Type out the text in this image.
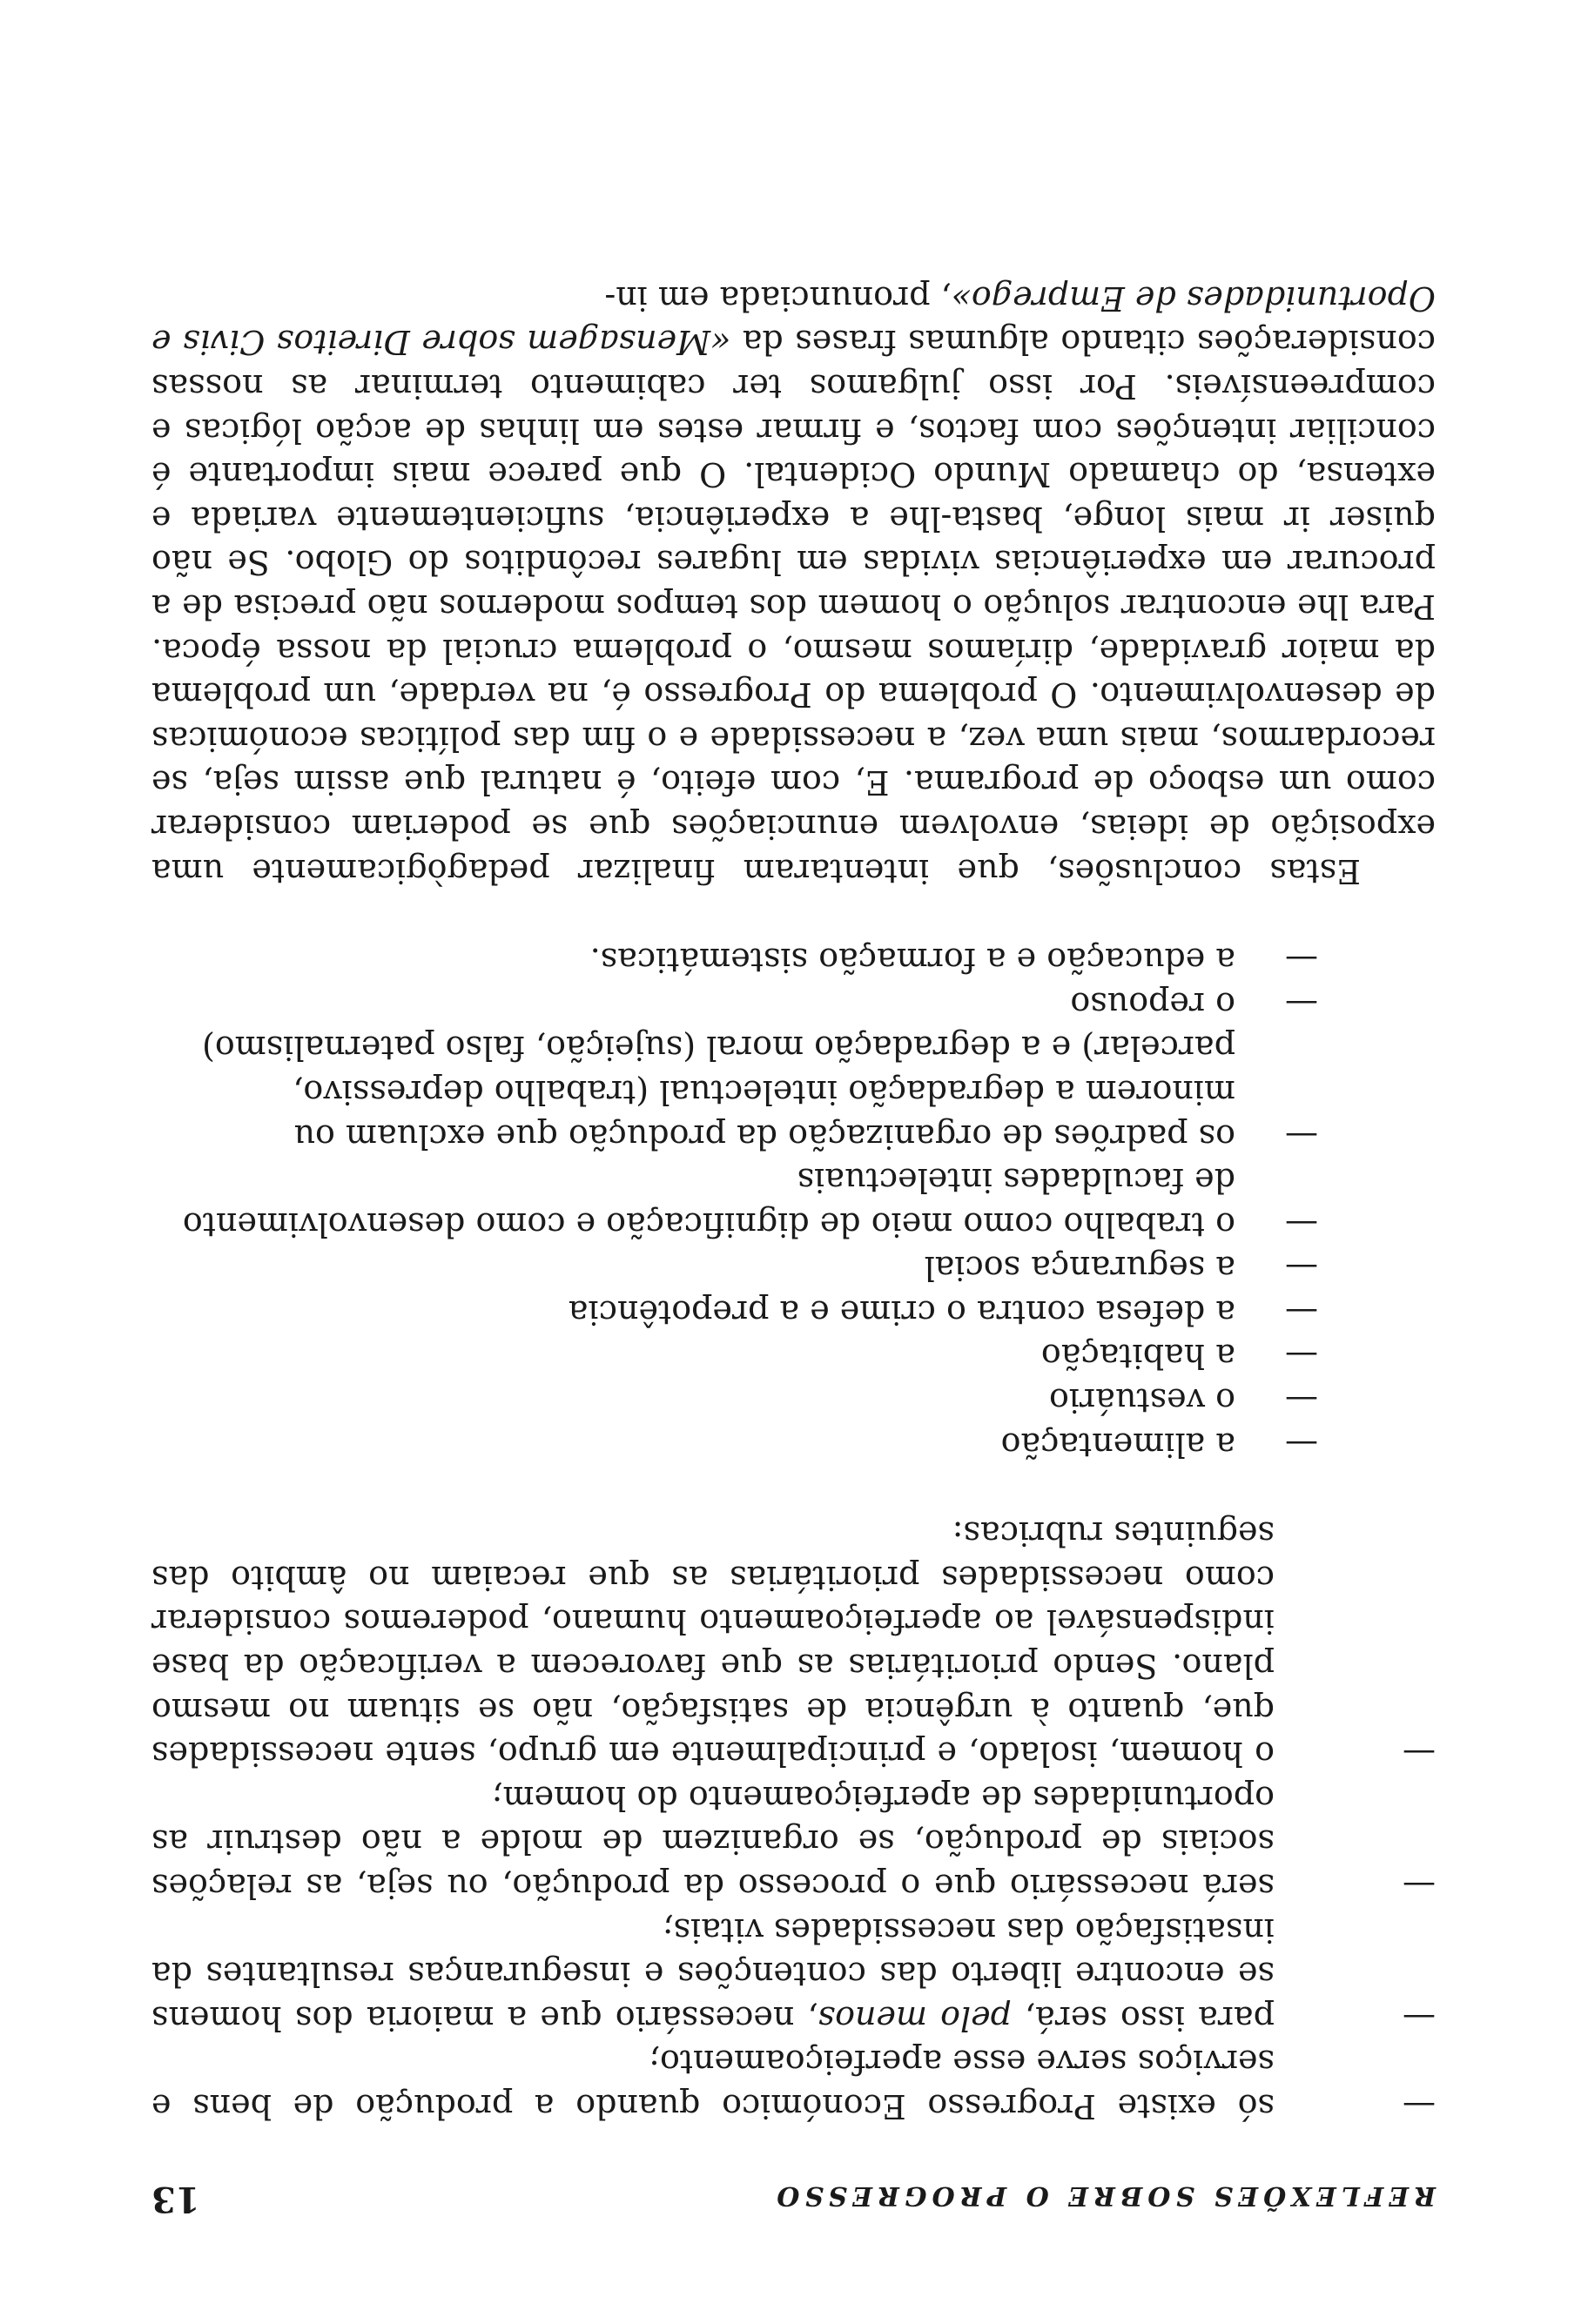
REFLEXÕES SOBRE O PROGRESSO
13
—
só existe Progresso Económico quando a produção de bens e serviços serve esse aperfeiçoamento;
—
para isso será, pelo menos, necessário que a maioria dos homens se encontre liberto das contenções e inseguranças resultantes da insatisfação das necessidades vitais;
—
será necessário que o processo da produção, ou seja, as relações sociais de produção, se organizem de molde a não destruir as oportunidades de aperfeiçoamento do homem;
—
o homem, isolado, e principalmente em grupo, sente necessidades que, quanto à urgência de satisfação, não se situam no mesmo plano. Sendo prioritárias as que favorecem a verificação da base indispensável ao aperfeiçoamento humano, poderemos considerar como necessidades prioritárias as que recaiam no âmbito das seguintes rubricas:
—
a alimentação
—
o vestuário
—
a habitação
—
a defesa contra o crime e a prepotência
—
a segurança social
—
o trabalho como meio de dignificação e como desenvolvimento de faculdades intelectuais
—
os padrões de organização da produção que excluam ou minorem a degradação intelectual (trabalho depressivo, parcelar) e a degradação moral (sujeição, falso paternalismo)
—
o repouso
—
a educação e a formação sistemáticas.
Estas conclusões, que intentaram finalizar pedagògicamente uma exposição de ideias, envolvem enunciações que se poderiam considerar como um esboço de programa. E, com efeito, é natural que assim seja, se recordarmos, mais uma vez, a necessidade e o fim das políticas económicas de desenvolvimento. O problema do Progresso é, na verdade, um problema da maior gravidade, diríamos mesmo, o problema crucial da nossa época. Para lhe encontrar solução o homem dos tempos modernos não precisa de a procurar em experiências vividas em lugares recônditos do Globo. Se não quiser ir mais longe, basta-lhe a experiência, suficientemente variada e extensa, do chamado Mundo Ocidental. O que parece mais importante é conciliar intenções com factos, e firmar estes em linhas de acção lógicas e compreensíveis. Por isso julgamos ter cabimento terminar as nossas considerações citando algumas frases da «Mensagem sobre Direitos Civis e Oportunidades de Emprego», pronunciada em in-
